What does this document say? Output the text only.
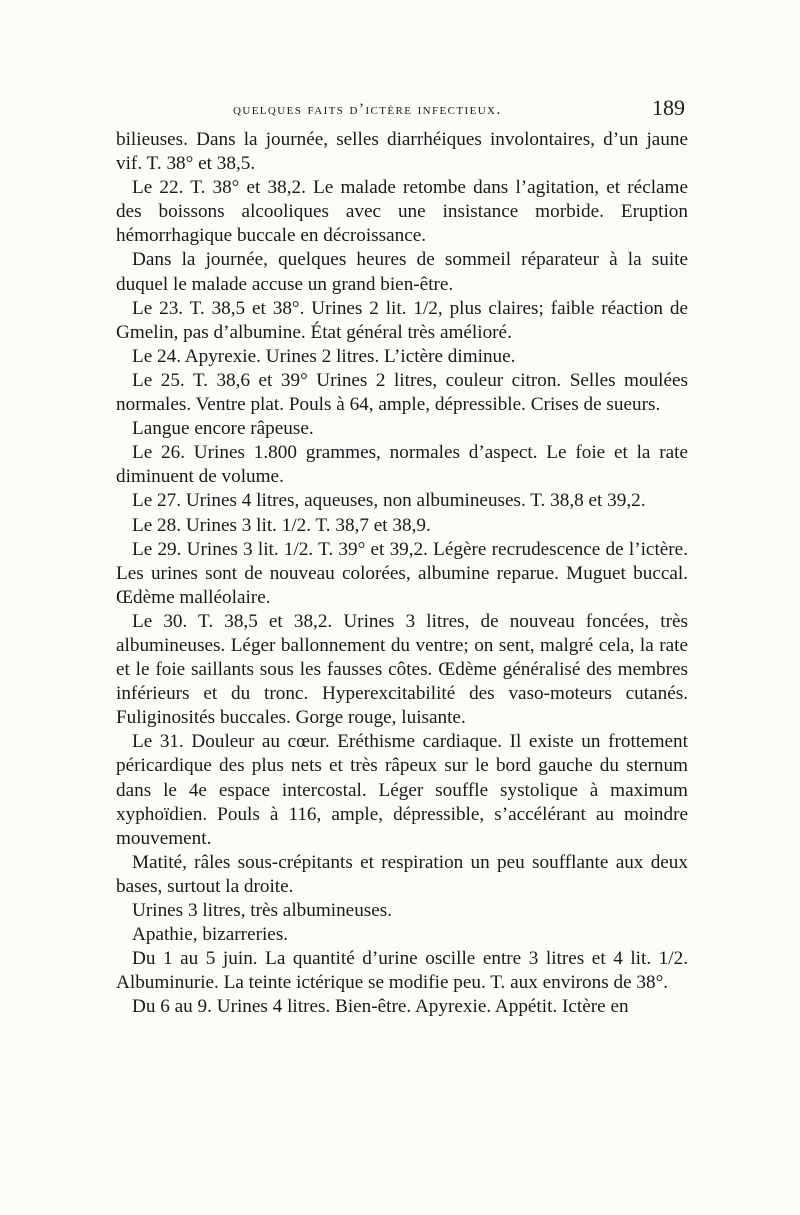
quelques faits d’ictère infectieux.	189

bilieuses. Dans la journée, selles diarrhéiques involontaires, d’un jaune vif. T. 38° et 38,5.

Le 22. T. 38° et 38,2. Le malade retombe dans l’agitation, et réclame des boissons alcooliques avec une insistance morbide. Eruption hémorrhagique buccale en décroissance.

Dans la journée, quelques heures de sommeil réparateur à la suite duquel le malade accuse un grand bien-être.

Le 23. T. 38,5 et 38°. Urines 2 lit. 1/2, plus claires; faible réaction de Gmelin, pas d’albumine. État général très amélioré.

Le 24. Apyrexie. Urines 2 litres. L’ictère diminue.

Le 25. T. 38,6 et 39° Urines 2 litres, couleur citron. Selles moulées normales. Ventre plat. Pouls à 64, ample, dépressible. Crises de sueurs.

Langue encore râpeuse.

Le 26. Urines 1.800 grammes, normales d’aspect. Le foie et la rate diminuent de volume.

Le 27. Urines 4 litres, aqueuses, non albumineuses. T. 38,8 et 39,2.

Le 28. Urines 3 lit. 1/2. T. 38,7 et 38,9.

Le 29. Urines 3 lit. 1/2. T. 39° et 39,2. Légère recrudescence de l’ictère. Les urines sont de nouveau colorées, albumine reparue. Muguet buccal. Œdème malléolaire.

Le 30. T. 38,5 et 38,2. Urines 3 litres, de nouveau foncées, très albumineuses. Léger ballonnement du ventre; on sent, malgré cela, la rate et le foie saillants sous les fausses côtes. Œdème généralisé des membres inférieurs et du tronc. Hyperexcitabilité des vaso-moteurs cutanés. Fuliginosités buccales. Gorge rouge, luisante.

Le 31. Douleur au cœur. Eréthisme cardiaque. Il existe un frottement péricardique des plus nets et très râpeux sur le bord gauche du sternum dans le 4e espace intercostal. Léger souffle systolique à maximum xyphoïdien. Pouls à 116, ample, dépressible, s’accélérant au moindre mouvement.

Matité, râles sous-crépitants et respiration un peu soufflante aux deux bases, surtout la droite.

Urines 3 litres, très albumineuses.

Apathie, bizarreries.

Du 1 au 5 juin. La quantité d’urine oscille entre 3 litres et 4 lit. 1/2. Albuminurie. La teinte ictérique se modifie peu. T. aux environs de 38°.

Du 6 au 9. Urines 4 litres. Bien-être. Apyrexie. Appétit. Ictère en
